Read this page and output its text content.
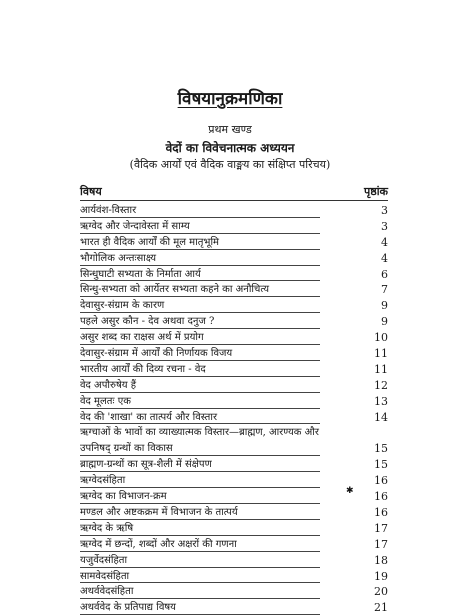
विषयानुक्रमणिका
प्रथम खण्ड
वेदों का विवेचनात्मक अध्ययन
(वैदिक आर्यों एवं वैदिक वाङ्मय का संक्षिप्त परिचय)
विषय	पृष्ठांक
आर्यवंश-विस्तार	3
ऋग्वेद और जेन्दावेस्ता में साम्य	3
भारत ही वैदिक आर्यों की मूल मातृभूमि	4
भौगोलिक अन्तःसाक्ष्य	4
सिन्धुघाटी सभ्यता के निर्माता आर्य	6
सिन्धु-सभ्यता को आर्येतर सभ्यता कहने का अनौचित्य	7
देवासुर-संग्राम के कारण	9
पहले असुर कौन - देव अथवा दनुज ?	9
असुर शब्द का राक्षस अर्थ में प्रयोग	10
देवासुर-संग्राम में आर्यों की निर्णायक विजय	11
भारतीय आर्यों की दिव्य रचना - वेद	11
वेद अपौरुषेय हैं	12
वेद मूलतः एक	13
वेद की 'शाखा' का तात्पर्य और विस्तार	14
ऋग्चाओं के भावों का व्याख्यात्मक विस्तार—ब्राह्मण, आरण्यक और उपनिषद् ग्रन्थों का विकास	15
ब्राह्मण-ग्रन्थों का सूत्र-शैली में संक्षेपण	15
ऋग्वेदसंहिता	16
ऋग्वेद का विभाजन-क्रम	16
मण्डल और अष्टकक्रम में विभाजन के तात्पर्य	16
ऋग्वेद के ऋषि	17
ऋग्वेद में छन्दों, शब्दों और अक्षरों की गणना	17
यजुर्वेदसंहिता	18
सामवेदसंहिता	19
अथर्ववेदसंहिता	20
अथर्ववेद के प्रतिपाद्य विषय	21
✱
